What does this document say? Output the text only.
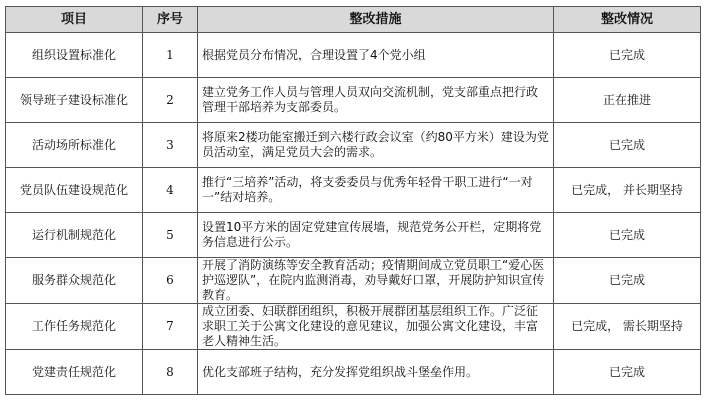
项目	序号	整改措施	整改情况
组织设置标准化	1	根据党员分布情况，合理设置了4个党小组	已完成
领导班子建设标准化	2	建立党务工作人员与管理人员双向交流机制，党支部重点把行政管理干部培养为支部委员。	正在推进
活动场所标准化	3	将原来2楼功能室搬迁到六楼行政会议室（约80平方米）建设为党员活动室，满足党员大会的需求。	已完成
党员队伍建设规范化	4	推行“三培养”活动，将支委委员与优秀年轻骨干职工进行“一对一”结对培养。	已完成， 并长期坚持
运行机制规范化	5	设置10平方米的固定党建宣传展墙，规范党务公开栏，定期将党务信息进行公示。	已完成
服务群众规范化	6	开展了消防演练等安全教育活动；疫情期间成立党员职工“爱心医护巡逻队”，在院内监测消毒，劝导戴好口罩，开展防护知识宣传教育。	已完成
工作任务规范化	7	成立团委、妇联群团组织，积极开展群团基层组织工作。广泛征求职工关于公寓文化建设的意见建议，加强公寓文化建设，丰富老人精神生活。	已完成， 需长期坚持
党建责任规范化	8	优化支部班子结构，充分发挥党组织战斗堡垒作用。	已完成
